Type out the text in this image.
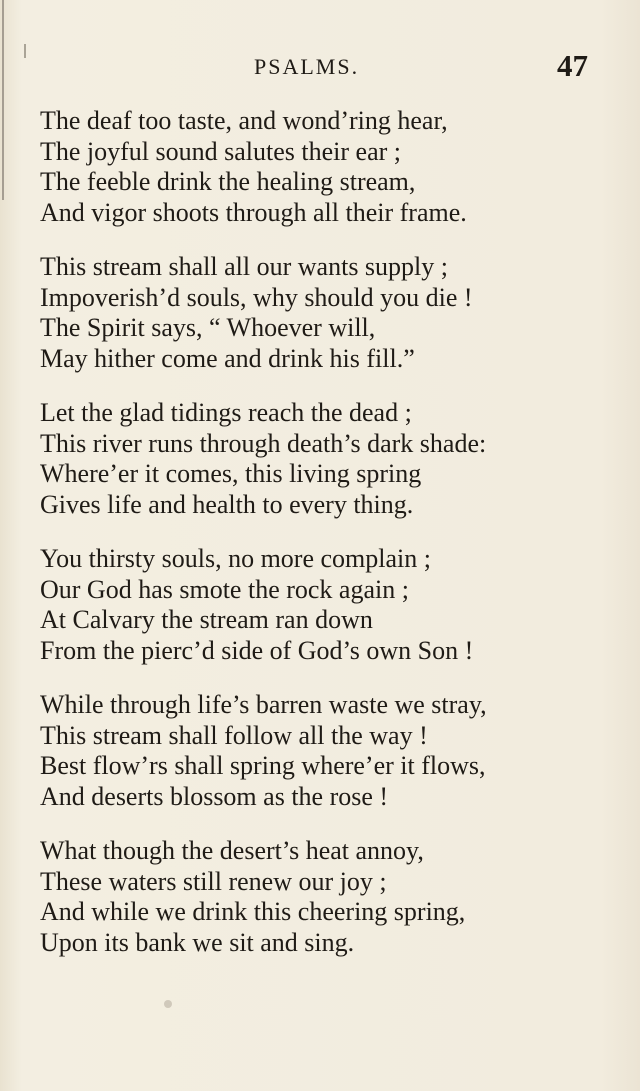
PSALMS.	47
The deaf too taste, and wond’ring hear,
The joyful sound salutes their ear ;
The feeble drink the healing stream,
And vigor shoots through all their frame.
This stream shall all our wants supply ;
Impoverish’d souls, why should you die !
The Spirit says, “ Whoever will,
May hither come and drink his fill.”
Let the glad tidings reach the dead ;
This river runs through death’s dark shade:
Where’er it comes, this living spring
Gives life and health to every thing.
You thirsty souls, no more complain ;
Our God has smote the rock again ;
At Calvary the stream ran down
From the pierc’d side of God’s own Son !
While through life’s barren waste we stray,
This stream shall follow all the way !
Best flow’rs shall spring where’er it flows,
And deserts blossom as the rose !
What though the desert’s heat annoy,
These waters still renew our joy ;
And while we drink this cheering spring,
Upon its bank we sit and sing.
